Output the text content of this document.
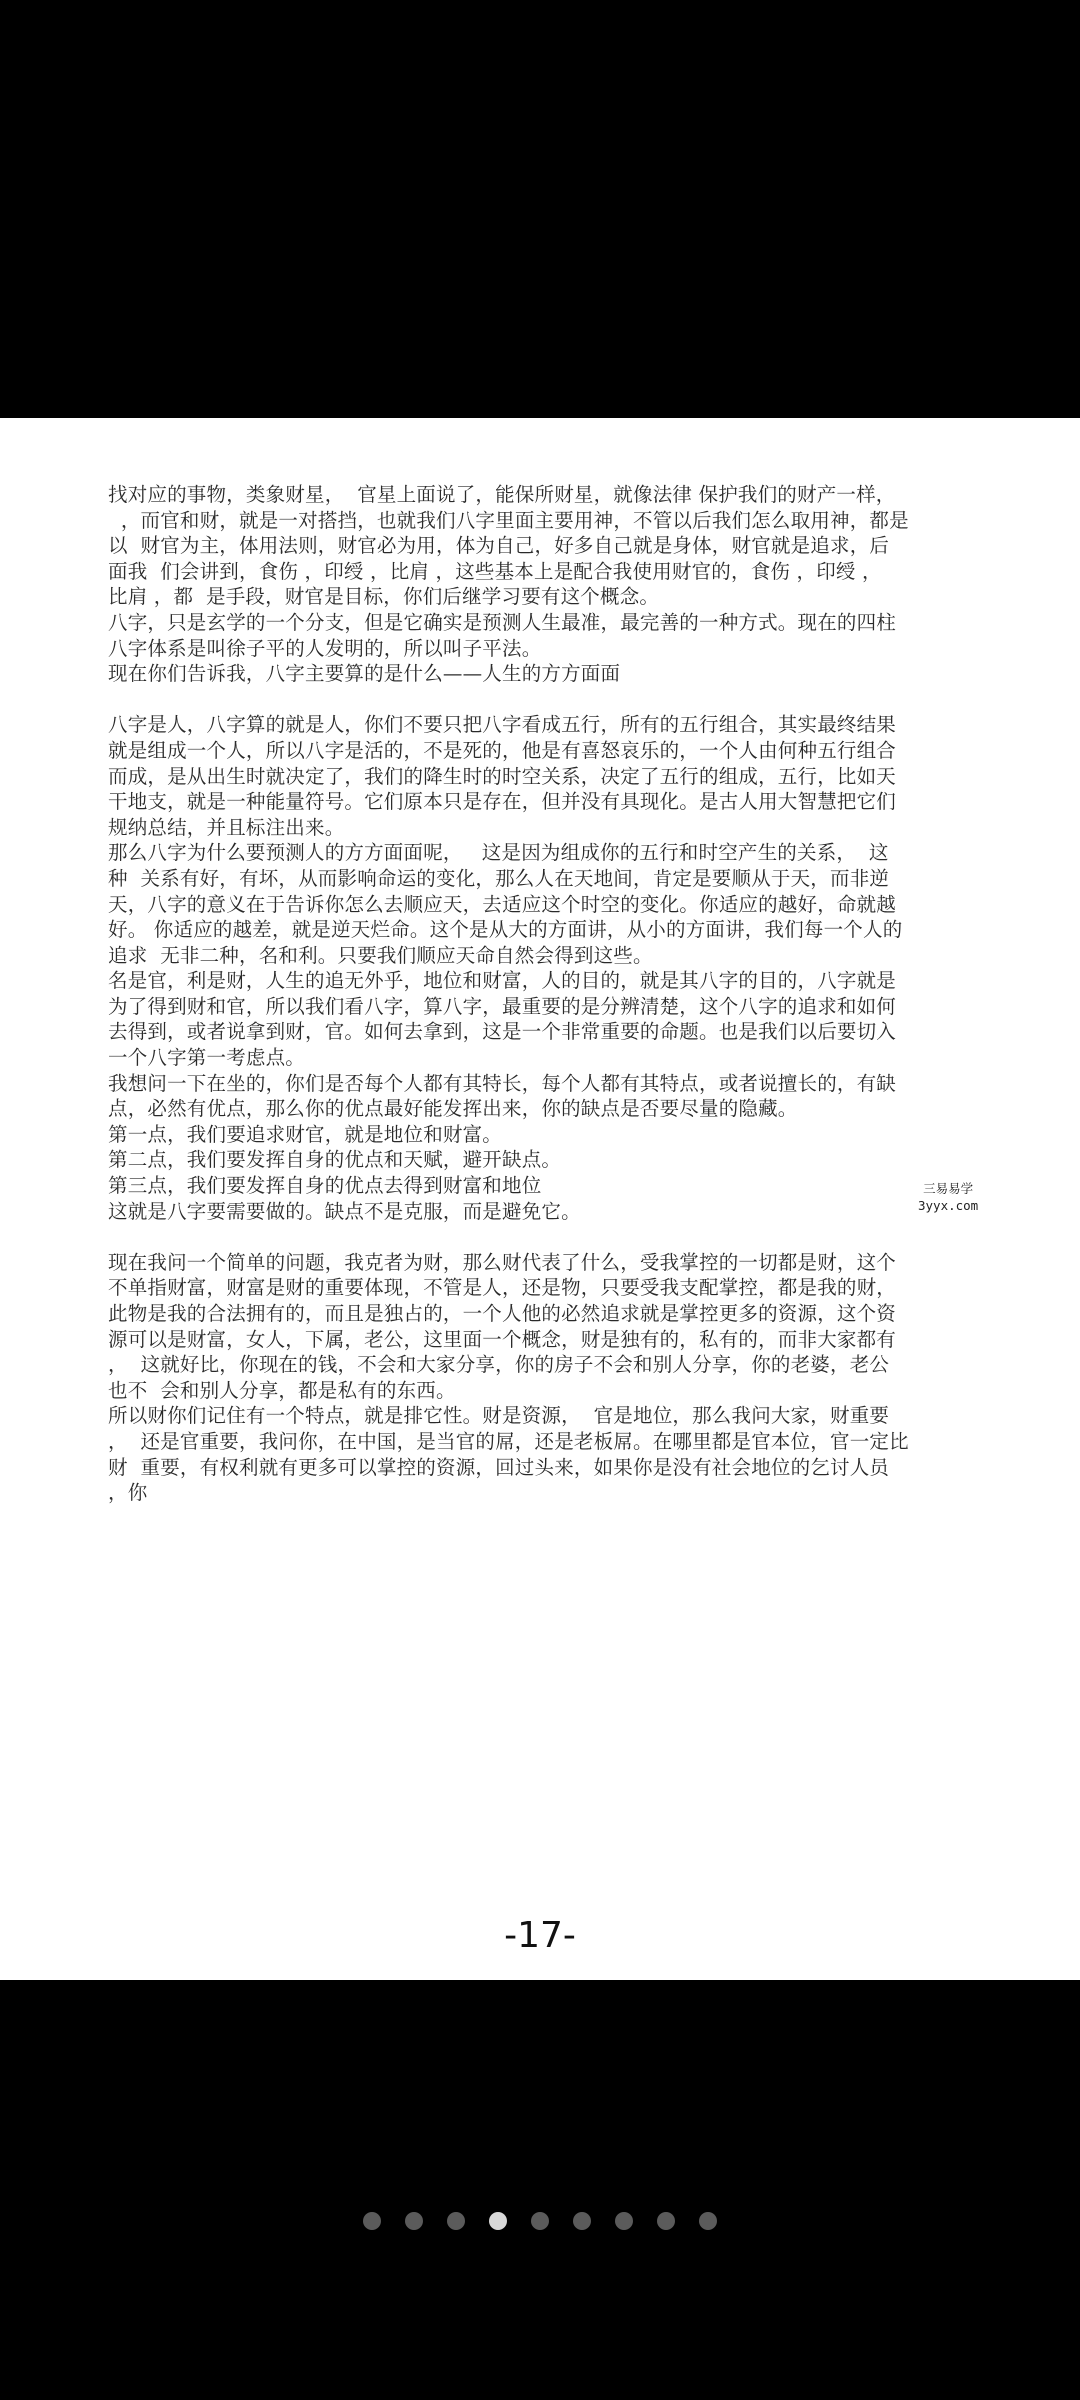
找对应的事物，类象财星，  官星上面说了，能保所财星，就像法律 保护我们的财产一样，

，而官和财，就是一对搭挡，也就我们八字里面主要用神，不管以后我们怎么取用神，都是

以  财官为主，体用法则，财官必为用，体为自己，好多自己就是身体，财官就是追求，后

面我  们会讲到，食伤 ，印绶 ，比肩 ，这些基本上是配合我使用财官的，食伤 ，印绶 ，

比肩 ，都  是手段，财官是目标，你们后继学习要有这个概念。

八字，只是玄学的一个分支，但是它确实是预测人生最准，最完善的一种方式。现在的四柱

八字体系是叫徐子平的人发明的，所以叫子平法。

现在你们告诉我，八字主要算的是什么——人生的方方面面

八字是人，八字算的就是人，你们不要只把八字看成五行，所有的五行组合，其实最终结果

就是组成一个人，所以八字是活的，不是死的，他是有喜怒哀乐的，一个人由何种五行组合

而成，是从出生时就决定了，我们的降生时的时空关系，决定了五行的组成，五行，比如天

干地支，就是一种能量符号。它们原本只是存在，但并没有具现化。是古人用大智慧把它们

规纳总结，并且标注出来。

那么八字为什么要预测人的方方面面呢，   这是因为组成你的五行和时空产生的关系，  这

种  关系有好，有坏，从而影响命运的变化，那么人在天地间，肯定是要顺从于天，而非逆

天，八字的意义在于告诉你怎么去顺应天，去适应这个时空的变化。你适应的越好，命就越

好。 你适应的越差，就是逆天烂命。这个是从大的方面讲，从小的方面讲，我们每一个人的

追求  无非二种，名和利。只要我们顺应天命自然会得到这些。

名是官，利是财，人生的追无外乎，地位和财富，人的目的，就是其八字的目的，八字就是

为了得到财和官，所以我们看八字，算八字，最重要的是分辨清楚，这个八字的追求和如何

去得到，或者说拿到财，官。如何去拿到，这是一个非常重要的命题。也是我们以后要切入

一个八字第一考虑点。

我想问一下在坐的，你们是否每个人都有其特长，每个人都有其特点，或者说擅长的，有缺

点，必然有优点，那么你的优点最好能发挥出来，你的缺点是否要尽量的隐藏。

第一点，我们要追求财官，就是地位和财富。

第二点，我们要发挥自身的优点和天赋，避开缺点。

第三点，我们要发挥自身的优点去得到财富和地位

这就是八字要需要做的。缺点不是克服，而是避免它。

现在我问一个简单的问题，我克者为财，那么财代表了什么，受我掌控的一切都是财，这个

不单指财富，财富是财的重要体现，不管是人，还是物，只要受我支配掌控，都是我的财，

此物是我的合法拥有的，而且是独占的，一个人他的必然追求就是掌控更多的资源，这个资

源可以是财富，女人，下属，老公，这里面一个概念，财是独有的，私有的，而非大家都有

，  这就好比，你现在的钱，不会和大家分享，你的房子不会和别人分享，你的老婆，老公

也不  会和别人分享，都是私有的东西。

所以财你们记住有一个特点，就是排它性。财是资源，  官是地位，那么我问大家，财重要

，  还是官重要，我问你，在中国，是当官的屌，还是老板屌。在哪里都是官本位，官一定比

财  重要，有权利就有更多可以掌控的资源，回过头来，如果你是没有社会地位的乞讨人员

，你

三易易学
3yyx.com
-17-
